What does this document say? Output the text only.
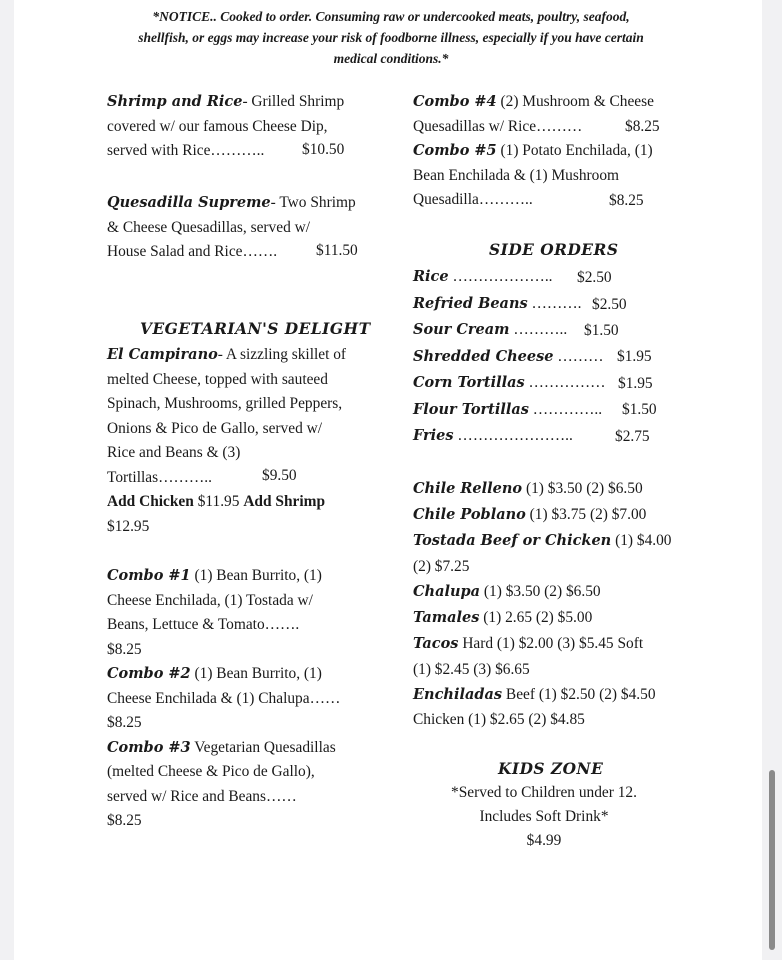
*NOTICE.. Cooked to order. Consuming raw or undercooked meats, poultry, seafood,
shellfish, or eggs may increase your risk of foodborne illness, especially if you have certain
medical conditions.*
Shrimp and Rice- Grilled Shrimp
covered w/ our famous Cheese Dip,
served with Rice………..	$10.50
Quesadilla Supreme- Two Shrimp
& Cheese Quesadillas, served w/
House Salad and Rice…….	$11.50
VEGETARIAN'S DELIGHT
El Campirano- A sizzling skillet of
melted Cheese, topped with sauteed
Spinach, Mushrooms, grilled Peppers,
Onions & Pico de Gallo, served w/
Rice and Beans & (3)
Tortillas………..
Add Chicken $11.95 Add Shrimp
$12.95
$9.50
Combo #1 (1) Bean Burrito, (1)
Cheese Enchilada, (1) Tostada w/
Beans, Lettuce & Tomato…….
$8.25
Combo #2 (1) Bean Burrito, (1)
Cheese Enchilada & (1) Chalupa……
$8.25
Combo #3 Vegetarian Quesadillas
(melted Cheese & Pico de Gallo),
served w/ Rice and Beans……
$8.25
Combo #4 (2) Mushroom & Cheese
Quesadillas w/ Rice………
Combo #5 (1) Potato Enchilada, (1)
Bean Enchilada & (1) Mushroom
Quesadilla………..
$8.25
$8.25
SIDE ORDERS
Rice ………………..
Refried Beans ……….
Sour Cream ………..
Shredded Cheese ………
Corn Tortillas ……………
Flour Tortillas …………..
Fries …………………..
$2.50
$2.50
$1.50
$1.95
$1.95
$1.50
$2.75
Chile Relleno (1) $3.50 (2) $6.50
Chile Poblano (1) $3.75 (2) $7.00
Tostada Beef or Chicken (1) $4.00
(2) $7.25
Chalupa (1) $3.50 (2) $6.50
Tamales (1) 2.65 (2) $5.00
Tacos Hard (1) $2.00 (3) $5.45 Soft
(1) $2.45 (3) $6.65
Enchiladas Beef (1) $2.50 (2) $4.50
Chicken (1) $2.65 (2) $4.85
KIDS ZONE
*Served to Children under 12.
Includes Soft Drink*
$4.99
